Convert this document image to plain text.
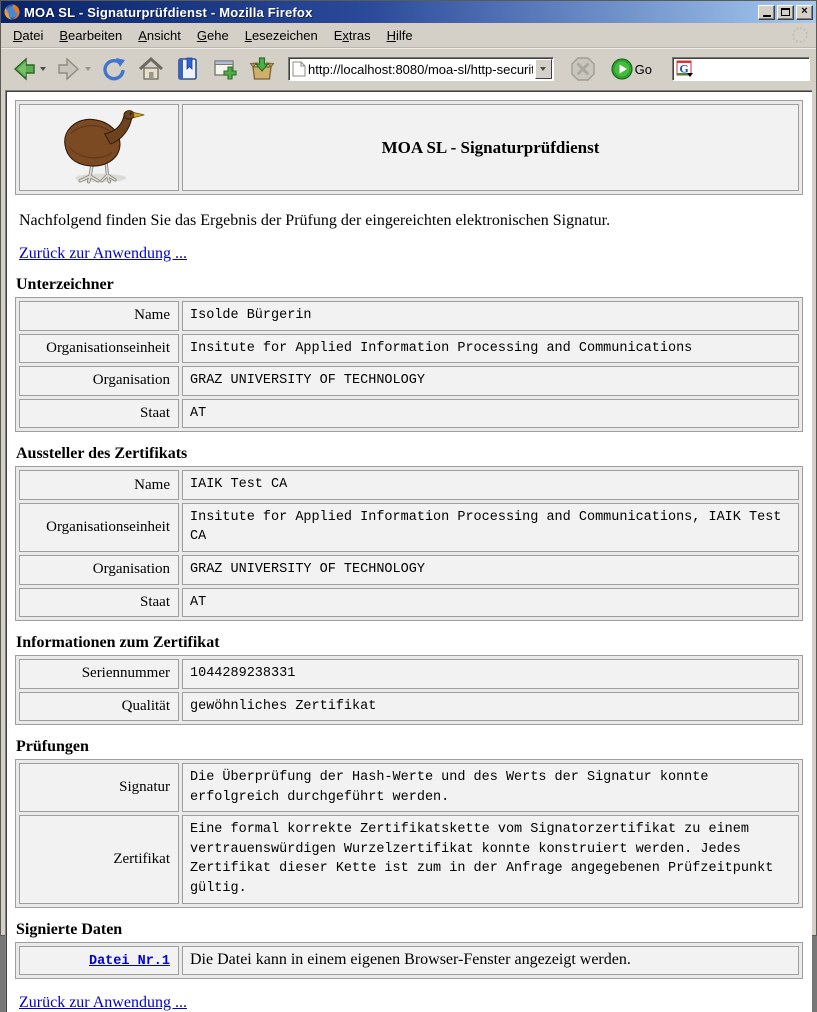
MOA SL - Signaturprüfdienst - Mozilla Firefox	×
Datei	Bearbeiten	Ansicht	Gehe	Lesezeichen	Extras	Hilfe
http://localhost:8080/moa-sl/http-security-layer-requ
Go G
	MOA SL - Signaturprüfdienst

Nachfolgend finden Sie das Ergebnis der Prüfung der eingereichten elektronischen Signatur.

Zurück zur Anwendung ...
Unterzeichner
Name	Isolde Bürgerin
Organisationseinheit	Insitute for Applied Information Processing and Communications
Organisation	GRAZ UNIVERSITY OF TECHNOLOGY
Staat	AT
Aussteller des Zertifikats
Name	IAIK Test CA
Organisationseinheit	Insitute for Applied Information Processing and Communications, IAIK Test CA
Organisation	GRAZ UNIVERSITY OF TECHNOLOGY
Staat	AT
Informationen zum Zertifikat
Seriennummer	1044289238331
Qualität	gewöhnliches Zertifikat
Prüfungen
Signatur	Die Überprüfung der Hash-Werte und des Werts der Signatur konnte erfolgreich durchgeführt werden.
Zertifikat	Eine formal korrekte Zertifikatskette vom Signatorzertifikat zu einem vertrauenswürdigen Wurzelzertifikat konnte konstruiert werden. Jedes Zertifikat dieser Kette ist zum in der Anfrage angegebenen Prüfzeitpunkt gültig.
Signierte Daten
Datei Nr.1	Die Datei kann in einem eigenen Browser-Fenster angezeigt werden.
Zurück zur Anwendung ...
